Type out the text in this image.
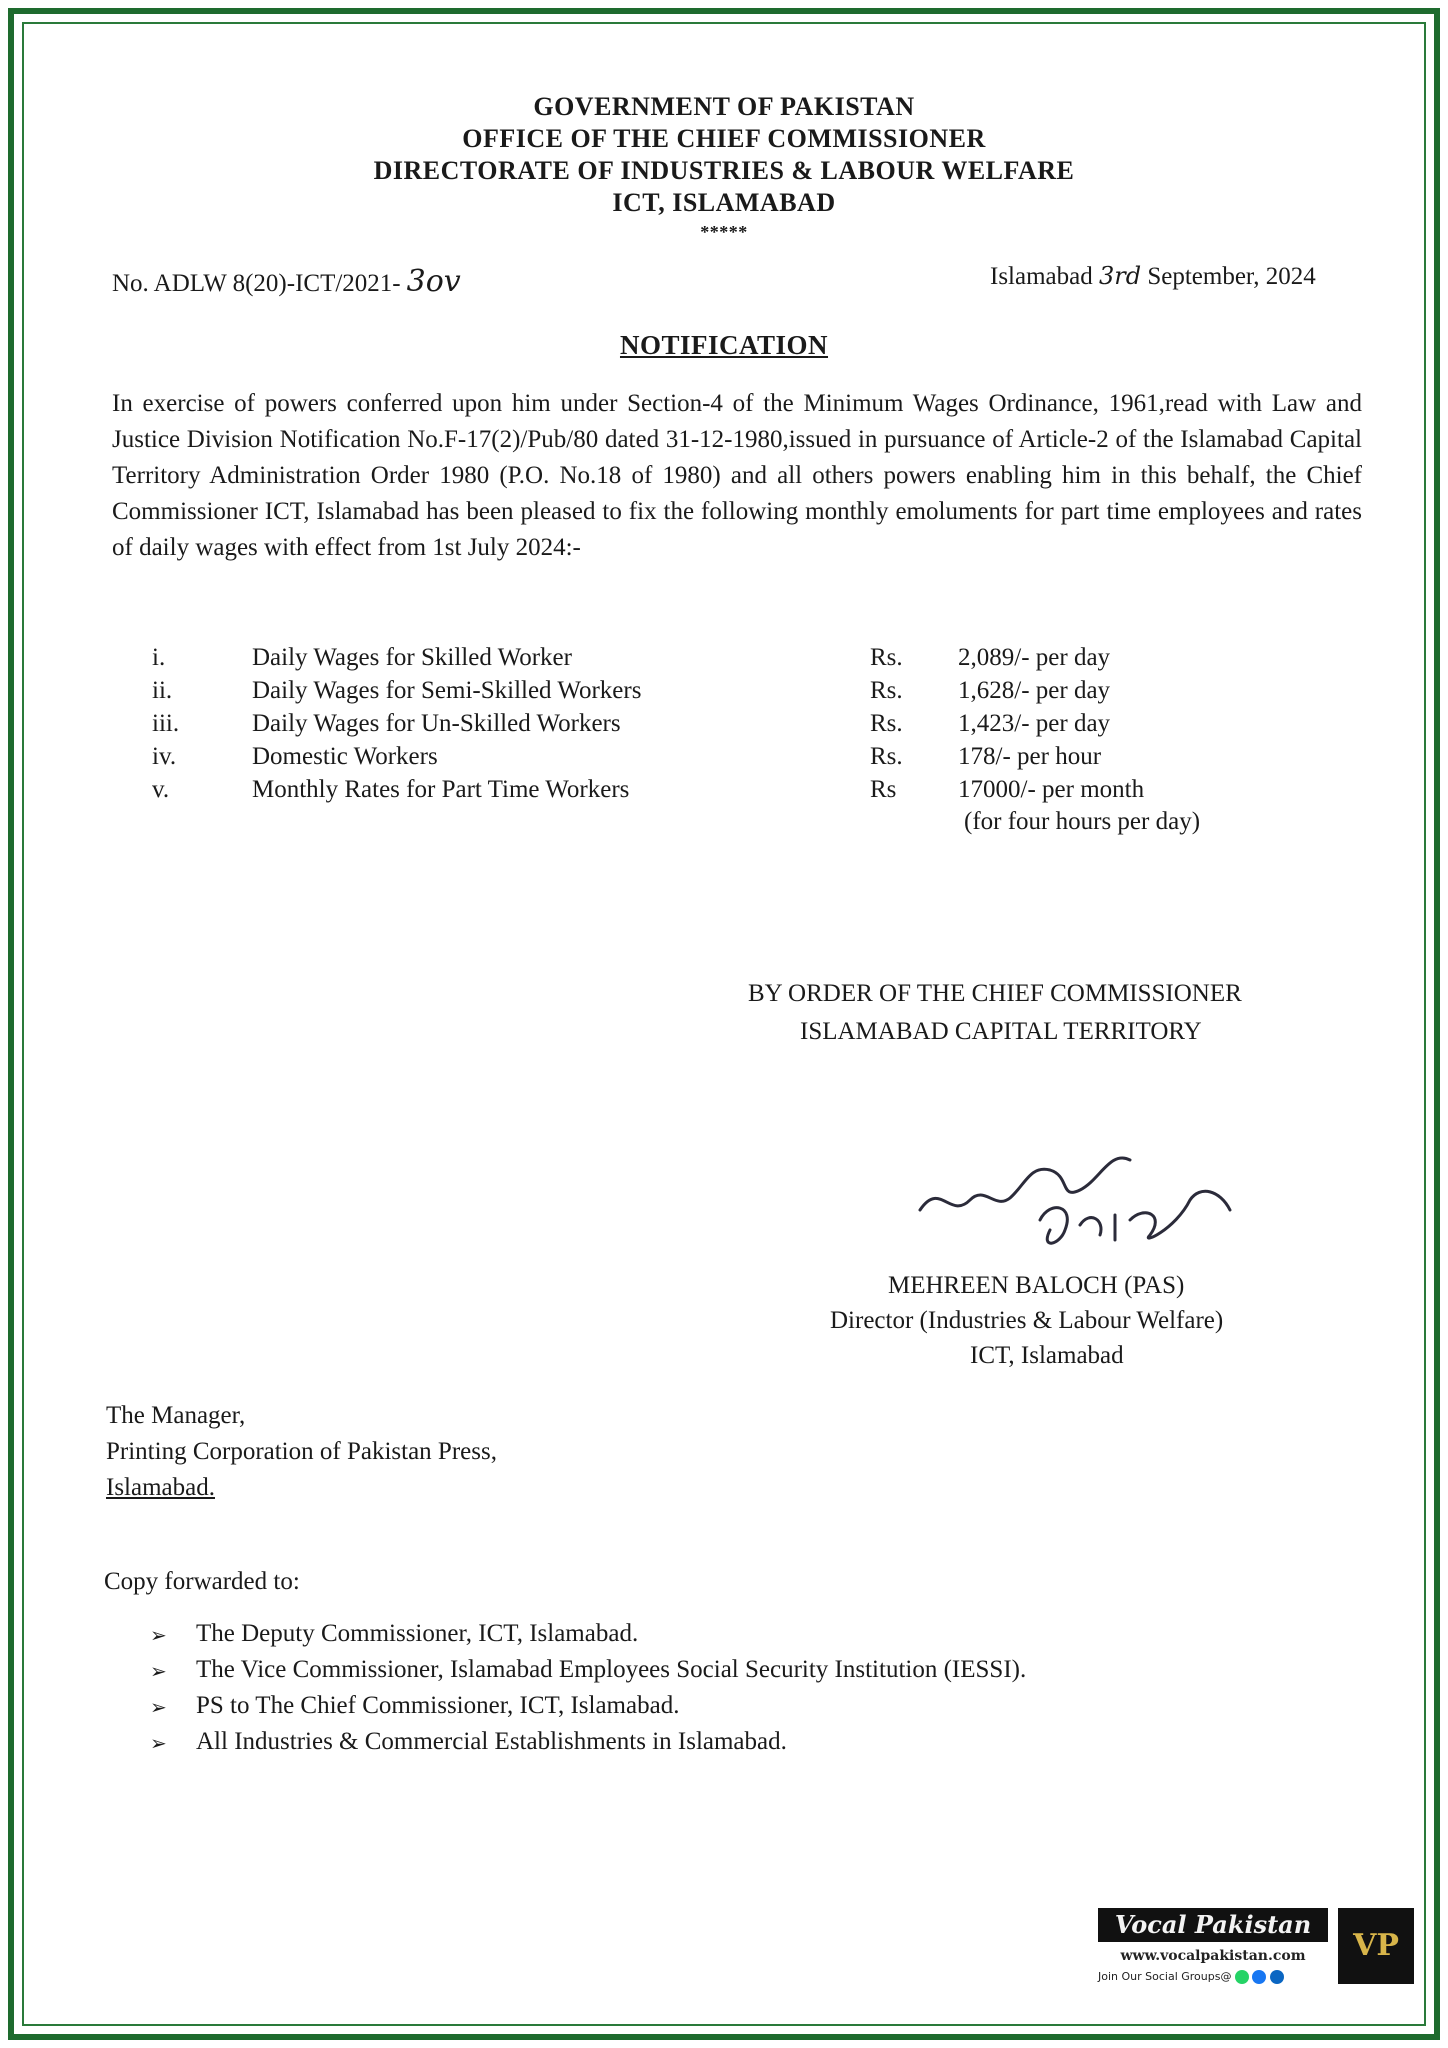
GOVERNMENT OF PAKISTAN
OFFICE OF THE CHIEF COMMISSIONER
DIRECTORATE OF INDUSTRIES & LABOUR WELFARE
ICT, ISLAMABAD
*****
No. ADLW 8(20)-ICT/2021- 3ov	Islamabad 3rd September, 2024
NOTIFICATION
In exercise of powers conferred upon him under Section-4 of the Minimum Wages Ordinance, 1961,read with Law and Justice Division Notification No.F-17(2)/Pub/80 dated 31-12-1980,issued in pursuance of Article-2 of the Islamabad Capital Territory Administration Order 1980 (P.O. No.18 of 1980) and all others powers enabling him in this behalf, the Chief Commissioner ICT, Islamabad has been pleased to fix the following monthly emoluments for part time employees and rates of daily wages with effect from 1st July 2024:-
i.	Daily Wages for Skilled Worker	Rs. 2,089/- per day
ii.	Daily Wages for Semi-Skilled Workers	Rs. 1,628/- per day
iii.	Daily Wages for Un-Skilled Workers	Rs. 1,423/- per day
iv.	Domestic Workers	Rs. 178/- per hour
v.	Monthly Rates for Part Time Workers	Rs 17000/- per month
(for four hours per day)
BY ORDER OF THE CHIEF COMMISSIONER
ISLAMABAD CAPITAL TERRITORY
MEHREEN BALOCH (PAS)
Director (Industries & Labour Welfare)
ICT, Islamabad
The Manager,
Printing Corporation of Pakistan Press,
Islamabad.
Copy forwarded to:
➢ The Deputy Commissioner, ICT, Islamabad.
➢ The Vice Commissioner, Islamabad Employees Social Security Institution (IESSI).
➢ PS to The Chief Commissioner, ICT, Islamabad.
➢ All Industries & Commercial Establishments in Islamabad.
Vocal Pakistan
www.vocalpakistan.com
Join Our Social Groups@
VP
